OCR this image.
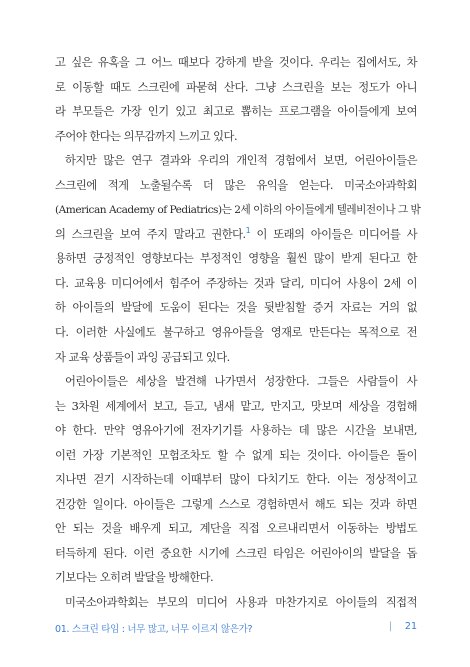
고 싶은 유혹을 그 어느 때보다 강하게 받을 것이다. 우리는 집에서도, 차
로 이동할 때도 스크린에 파묻혀 산다. 그냥 스크린을 보는 정도가 아니
라 부모들은 가장 인기 있고 최고로 뽑히는 프로그램을 아이들에게 보여
주어야 한다는 의무감까지 느끼고 있다.
하지만 많은 연구 결과와 우리의 개인적 경험에서 보면, 어린아이들은
스크린에 적게 노출될수록 더 많은 유익을 얻는다. 미국소아과학회
(American Academy of Pediatrics)는 2세 이하의 아이들에게 텔레비전이나 그 밖
의 스크린을 보여 주지 말라고 권한다.$^1$ 이 또래의 아이들은 미디어를 사
용하면 긍정적인 영향보다는 부정적인 영향을 훨씬 많이 받게 된다고 한
다. 교육용 미디어에서 힘주어 주장하는 것과 달리, 미디어 사용이 2세 이
하 아이들의 발달에 도움이 된다는 것을 뒷받침할 증거 자료는 거의 없
다. 이러한 사실에도 불구하고 영유아들을 영재로 만든다는 목적으로 전
자 교육 상품들이 과잉 공급되고 있다.
어린아이들은 세상을 발견해 나가면서 성장한다. 그들은 사람들이 사
는 3차원 세계에서 보고, 듣고, 냄새 맡고, 만지고, 맛보며 세상을 경험해
야 한다. 만약 영유아기에 전자기기를 사용하는 데 많은 시간을 보내면,
이런 가장 기본적인 모험조차도 할 수 없게 되는 것이다. 아이들은 돌이
지나면 걷기 시작하는데 이때부터 많이 다치기도 한다. 이는 정상적이고
건강한 일이다. 아이들은 그렇게 스스로 경험하면서 해도 되는 것과 하면
안 되는 것을 배우게 되고, 계단을 직접 오르내리면서 이동하는 방법도
터득하게 된다. 이런 중요한 시기에 스크린 타임은 어린아이의 발달을 돕
기보다는 오히려 발달을 방해한다.
미국소아과학회는 부모의 미디어 사용과 마찬가지로 아이들의 직접적
01. 스크린 타임 : 너무 많고, 너무 이르지 않은가?	| 21
